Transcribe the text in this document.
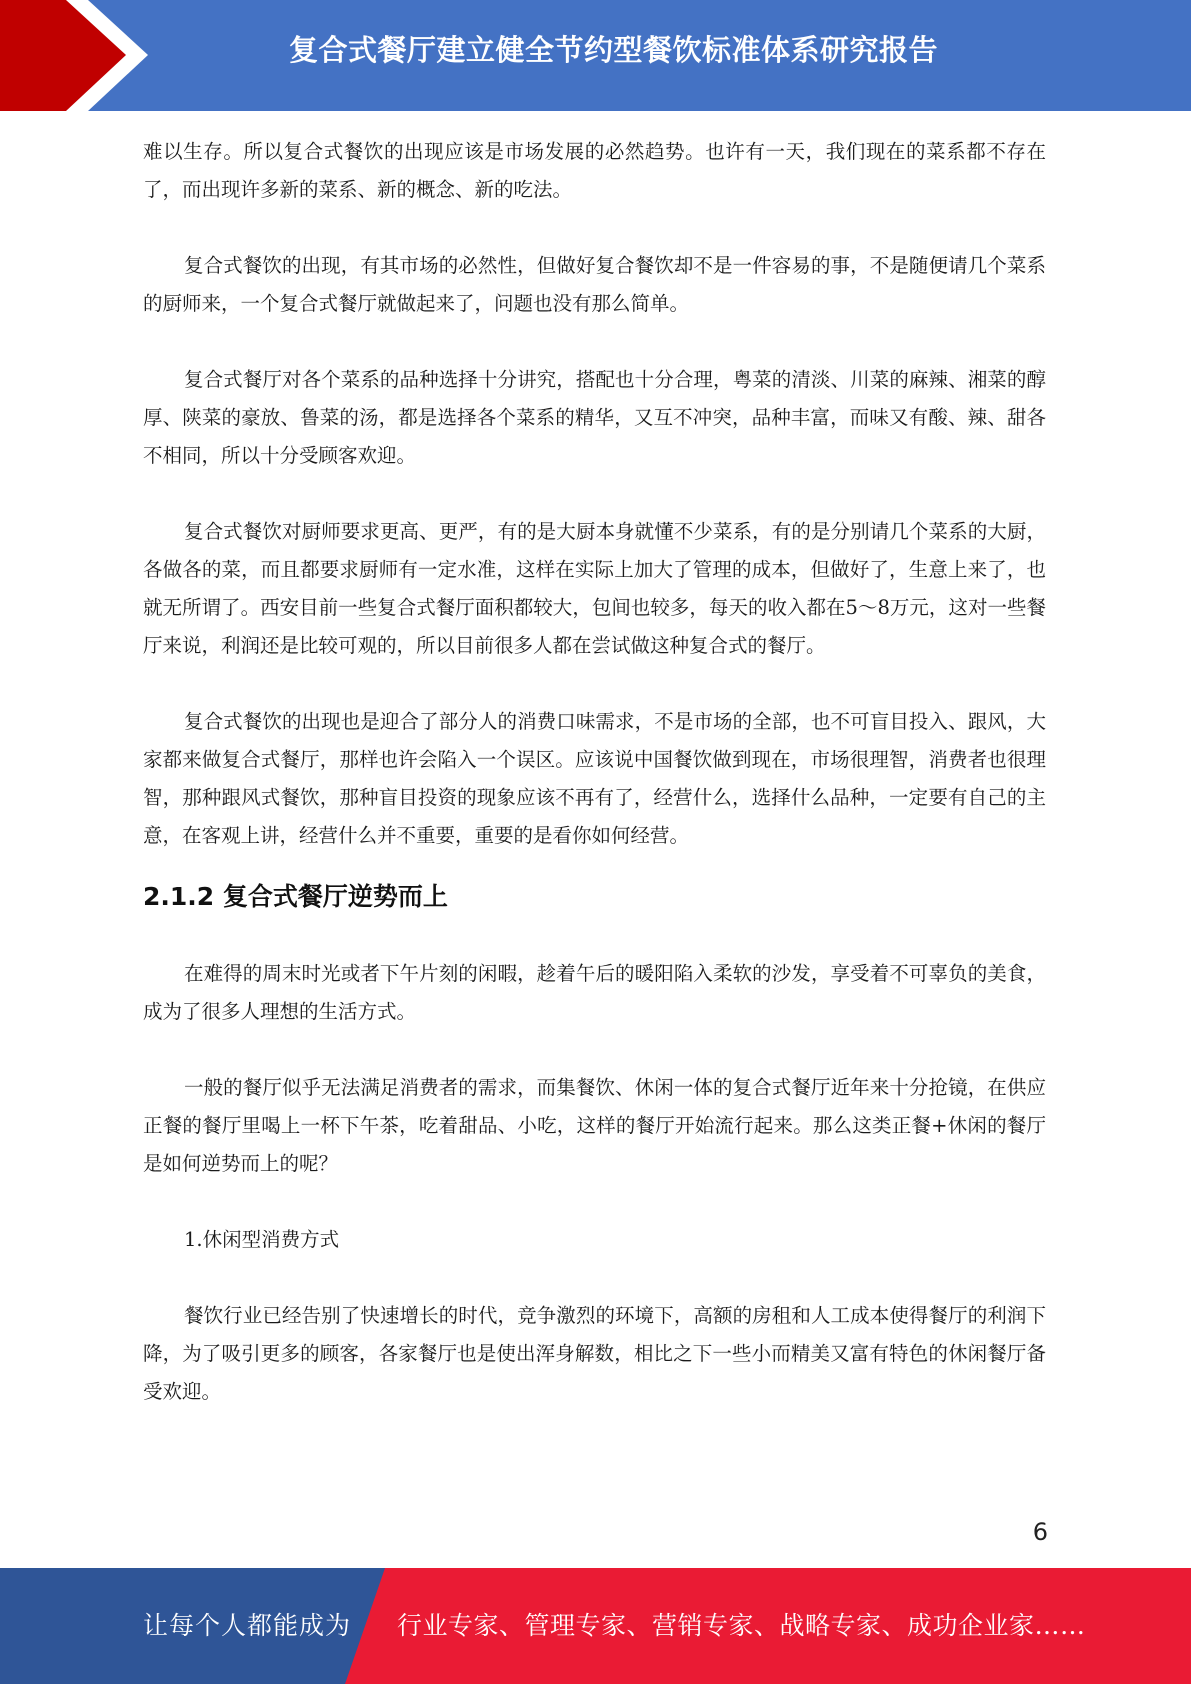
复合式餐厅建立健全节约型餐饮标准体系研究报告

难以生存。所以复合式餐饮的出现应该是市场发展的必然趋势。也许有一天，我们现在的菜系都不存在了，而出现许多新的菜系、新的概念、新的吃法。

复合式餐饮的出现，有其市场的必然性，但做好复合餐饮却不是一件容易的事，不是随便请几个菜系的厨师来，一个复合式餐厅就做起来了，问题也没有那么简单。

复合式餐厅对各个菜系的品种选择十分讲究，搭配也十分合理，粤菜的清淡、川菜的麻辣、湘菜的醇厚、陕菜的豪放、鲁菜的汤，都是选择各个菜系的精华，又互不冲突，品种丰富，而味又有酸、辣、甜各不相同，所以十分受顾客欢迎。

复合式餐饮对厨师要求更高、更严，有的是大厨本身就懂不少菜系，有的是分别请几个菜系的大厨，各做各的菜，而且都要求厨师有一定水准，这样在实际上加大了管理的成本，但做好了，生意上来了，也就无所谓了。西安目前一些复合式餐厅面积都较大，包间也较多，每天的收入都在5～8万元，这对一些餐厅来说，利润还是比较可观的，所以目前很多人都在尝试做这种复合式的餐厅。

复合式餐饮的出现也是迎合了部分人的消费口味需求，不是市场的全部，也不可盲目投入、跟风，大家都来做复合式餐厅，那样也许会陷入一个误区。应该说中国餐饮做到现在，市场很理智，消费者也很理智，那种跟风式餐饮，那种盲目投资的现象应该不再有了，经营什么，选择什么品种，一定要有自己的主意，在客观上讲，经营什么并不重要，重要的是看你如何经营。

2.1.2 复合式餐厅逆势而上

在难得的周末时光或者下午片刻的闲暇，趁着午后的暖阳陷入柔软的沙发，享受着不可辜负的美食，成为了很多人理想的生活方式。

一般的餐厅似乎无法满足消费者的需求，而集餐饮、休闲一体的复合式餐厅近年来十分抢镜，在供应正餐的餐厅里喝上一杯下午茶，吃着甜品、小吃，这样的餐厅开始流行起来。那么这类正餐+休闲的餐厅是如何逆势而上的呢？

1.休闲型消费方式

餐饮行业已经告别了快速增长的时代，竞争激烈的环境下，高额的房租和人工成本使得餐厅的利润下降，为了吸引更多的顾客，各家餐厅也是使出浑身解数，相比之下一些小而精美又富有特色的休闲餐厅备受欢迎。

6
让每个人都能成为 行业专家、管理专家、营销专家、战略专家、成功企业家……
